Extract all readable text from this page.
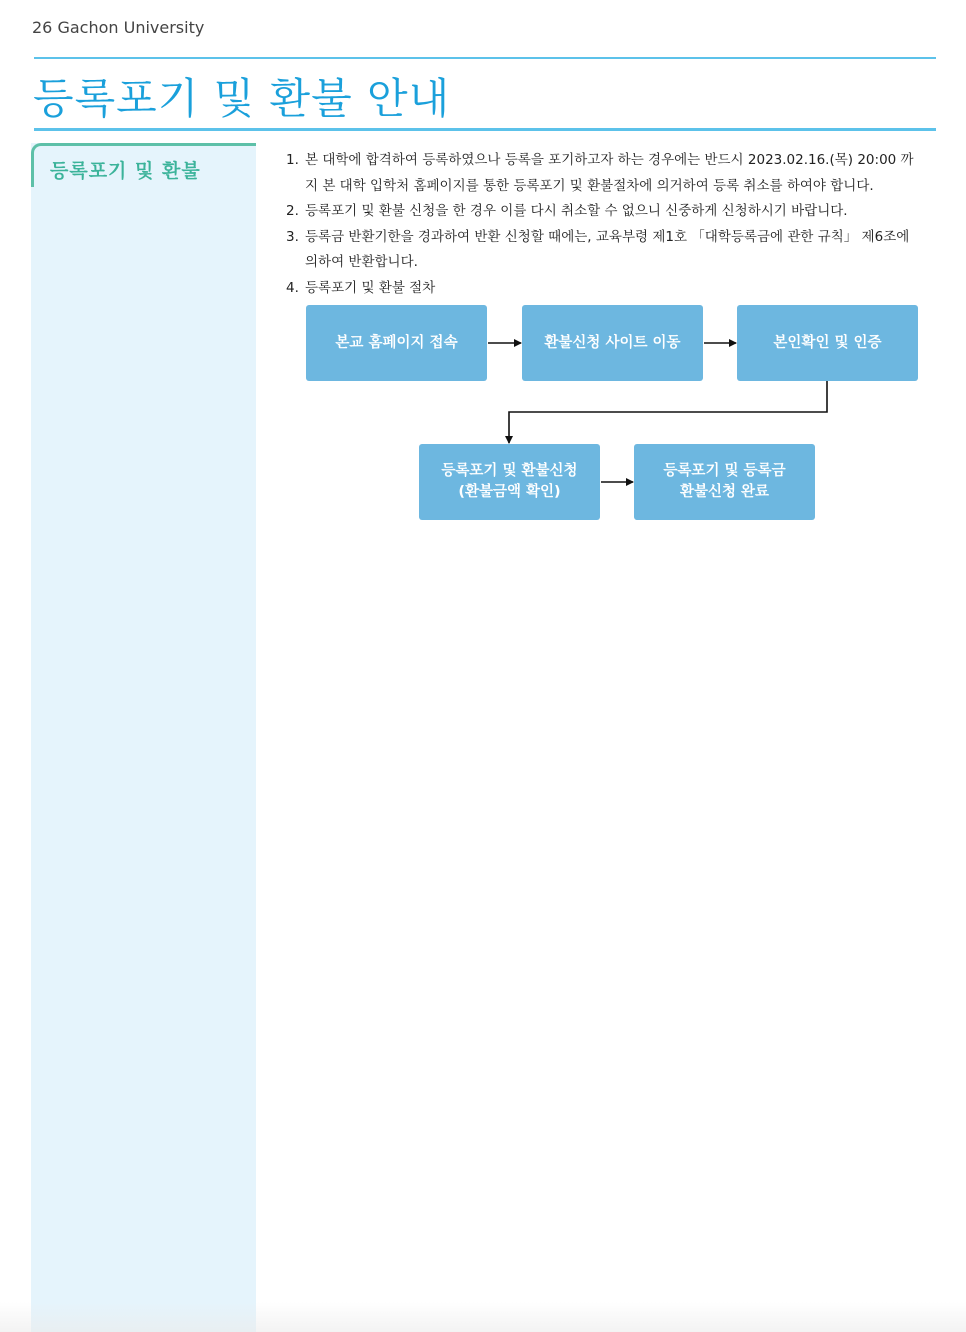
26 Gachon University
등록포기 및 환불 안내
등록포기 및 환불	1. 본 대학에 합격하여 등록하였으나 등록을 포기하고자 하는 경우에는 반드시 2023.02.16.(목) 20:00 까지 본 대학 입학처 홈페이지를 통한 등록포기 및 환불절차에 의거하여 등록 취소를 하여야 합니다.
2. 등록포기 및 환불 신청을 한 경우 이를 다시 취소할 수 없으니 신중하게 신청하시기 바랍니다.
3. 등록금 반환기한을 경과하여 반환 신청할 때에는, 교육부령 제1호 「대학등록금에 관한 규칙」 제6조에 의하여 반환합니다.
4. 등록포기 및 환불 절차
본교 홈페이지 접속	환불신청 사이트 이동	본인확인 및 인증
등록포기 및 환불신청
(환불금액 확인)
등록포기 및 등록금
환불신청 완료
